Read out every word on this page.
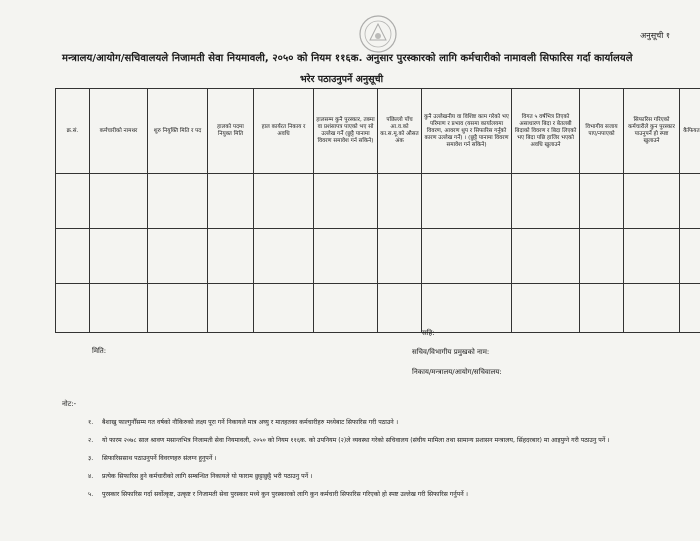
अनुसूची १
मन्त्रालय/आयोग/सचिवालयले निजामती सेवा नियमावली, २०५० को नियम ११६क. अनुसार पुरस्कारको लागि कर्मचारीको नामावली सिफारिस गर्दा कार्यालयले
भरेर पठाउनुपर्ने अनुसूची
क्र.सं.	कर्मचारीको नामथर	शुरु नियुक्ति मिति र पद	हालको पदमा नियुक्त मिति	हाल कार्यरत निकाय र अवधि	हालसम्म कुनै पुरस्कार, तक्मा वा प्रशंसापत्र पाएको भए सो उल्लेख गर्ने (छुट्टै पानामा विवरण समावेश गर्न सकिने)	पछिल्लो पाँच आ.व.को का.स.मू.को औसत अंक	कुनै उल्लेखनीय वा विशिष्ट काम गरेको भए परिमाण र प्रभाव (यसमा कार्यालयमा विवरण, आवरण थुप र सिफारिस गर्नुको कारण उल्लेख गर्ने) । (छुट्टै पानामा विवरण समावेश गर्न सकिने)	विगत ५ वर्षभित्र तिएको असाधारण बिदा र बेतलबी बिदाको विवरण र बिदा लिएको भए बिदा पछि हाजिर भएको अवधि खुलाउने	विभागीय सजाय पाए/नपाएको	सिफारिस गरिएको कर्मचारीले कुन पुरस्कार पाउनुपर्ने हो स्पष्ट खुलाउने	कैफियत

सहि:
सचिव/विभागीय प्रमुखको नाम:
निकाय/मन्त्रालय/आयोग/सचिवालय:
मिति:
नोट:-
१.	बैशाखु फाल्गुनौँसम्म गत वर्षको नौकिरुको लक्ष्य पूरा गर्ने निकायले मात्र अघ्यु र मातहतका कर्मचारीहरु मध्येबाट सिफारिस गरी पठाउने ।
२.	यो फारम २०७८ साल श्रावण मसान्तभित्र निजामती सेवा नियमावली, २०५० को नियम ११६क. को उपनियम (२)ले व्यवस्था गरेको सचिवालय (संघीय मामिला तथा सामान्य प्रशासन मन्त्रालय, सिंहदरबार) मा आइपुग्ने गरी पठाउनु पर्ने ।
३.	सिफारिससाथ पठाउनुपर्ने विवरणहरु संलग्न हुनुपर्ने ।
४.	प्रत्येक सिफारिस हुने कर्मचारीको लागि सम्बन्धित निकायले यो फाराम छुट्टाछुट्टै भरी पठाउनु पर्ने ।
५.	पुरस्कार सिफारिस गर्दा सर्वोत्कृष्ट, उत्कृष्ट र निजामती सेवा पुरस्कार मध्ये कुन पुरस्कारको लागि कुन कर्मचारी सिफारिस गरिएको हो स्पष्ट उल्लेख गरी सिफारिस गर्नुपर्ने ।
